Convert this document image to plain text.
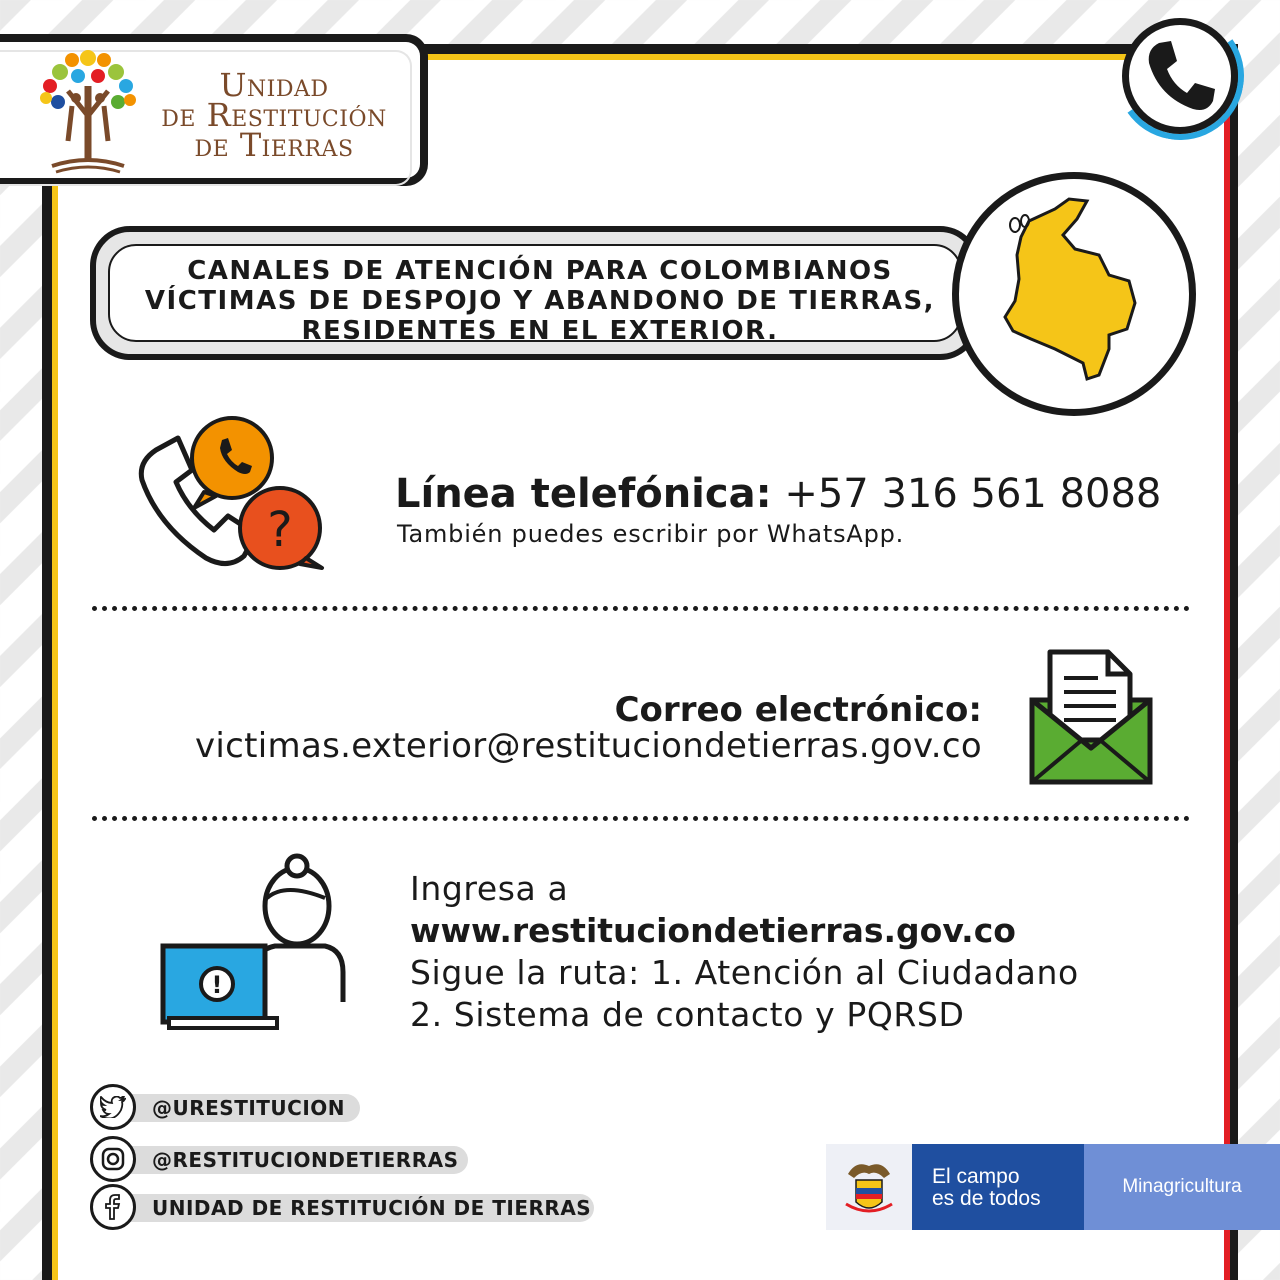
Unidad
de Restitución
de Tierras
CANALES DE ATENCIÓN PARA COLOMBIANOS
VÍCTIMAS DE DESPOJO Y ABANDONO DE TIERRAS,
RESIDENTES EN EL EXTERIOR.
?
Línea telefónica: +57 316 561 8088
También puedes escribir por WhatsApp.
Correo electrónico:
victimas.exterior@restituciondetierras.gov.co
!
Ingresa a
www.restituciondetierras.gov.co
Sigue la ruta: 1. Atención al Ciudadano
2. Sistema de contacto y PQRSD
@URESTITUCION
@RESTITUCIONDETIERRAS
UNIDAD DE RESTITUCIÓN DE TIERRAS
El campo
es de todos
Minagricultura
